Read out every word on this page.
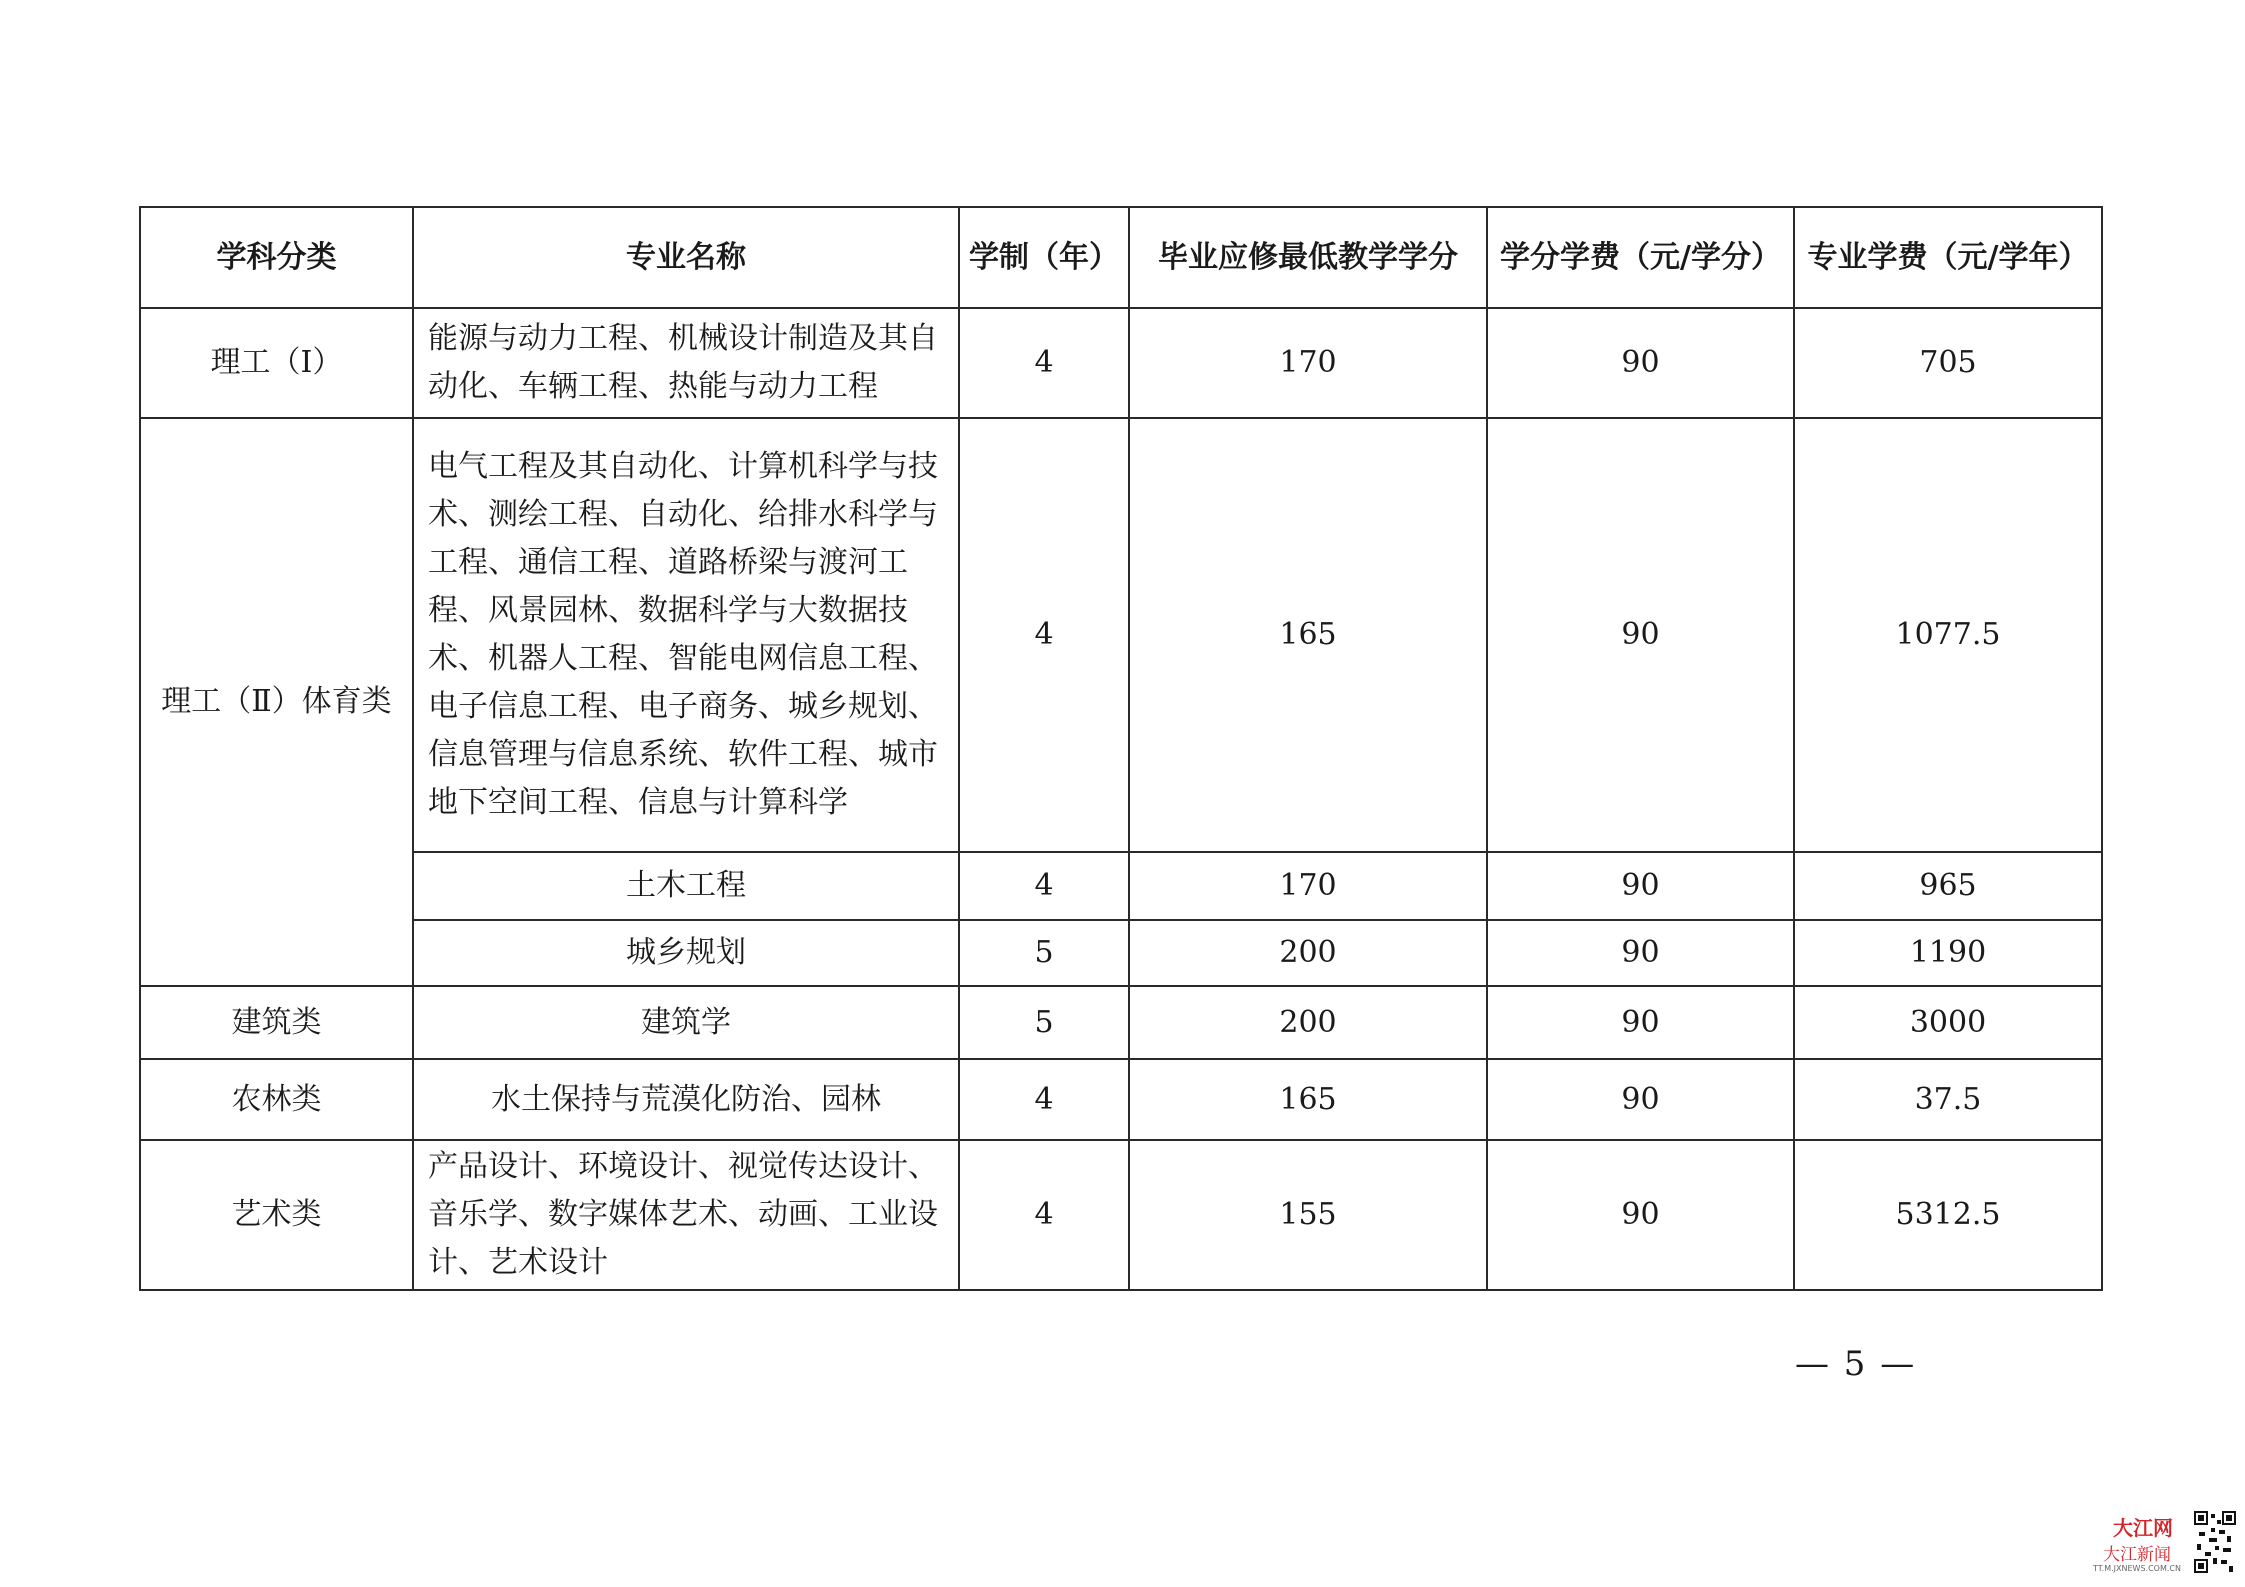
学科分类	专业名称	学制（年）	毕业应修最低教学学分	学分学费（元/学分）	专业学费（元/学年）
理工（Ⅰ）	能源与动力工程、机械设计制造及其自动化、车辆工程、热能与动力工程	4	170	90	705
理工（Ⅱ）体育类	电气工程及其自动化、计算机科学与技术、测绘工程、自动化、给排水科学与工程、通信工程、道路桥梁与渡河工程、风景园林、数据科学与大数据技术、机器人工程、智能电网信息工程、电子信息工程、电子商务、城乡规划、信息管理与信息系统、软件工程、城市地下空间工程、信息与计算科学	4	165	90	1077.5
	土木工程	4	170	90	965
	城乡规划	5	200	90	1190
建筑类	建筑学	5	200	90	3000
农林类	水土保持与荒漠化防治、园林	4	165	90	37.5
艺术类	产品设计、环境设计、视觉传达设计、音乐学、数字媒体艺术、动画、工业设计、艺术设计	4	155	90	5312.5
— 5 —
大江网
大江新闻
TT.M.JXNEWS.COM.CN
